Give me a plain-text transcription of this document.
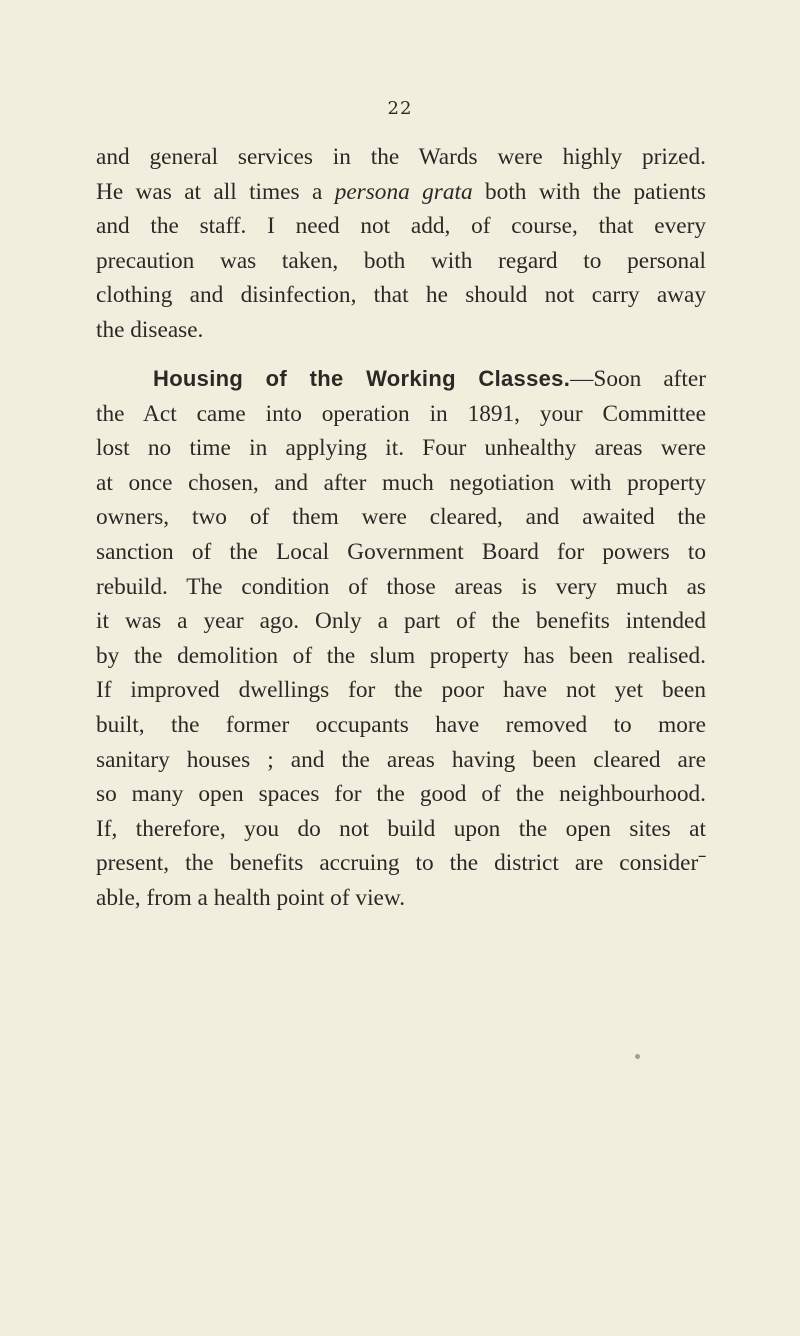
22
and general services in the Wards were highly prized.
He was at all times a persona grata both with the patients
and the staff. I need not add, of course, that every
precaution was taken, both with regard to personal
clothing and disinfection, that he should not carry away
the disease.
Housing of the Working Classes.—Soon after
the Act came into operation in 1891, your Committee
lost no time in applying it. Four unhealthy areas were
at once chosen, and after much negotiation with property
owners, two of them were cleared, and awaited the
sanction of the Local Government Board for powers to
rebuild. The condition of those areas is very much as
it was a year ago. Only a part of the benefits intended
by the demolition of the slum property has been realised.
If improved dwellings for the poor have not yet been
built, the former occupants have removed to more
sanitary houses ; and the areas having been cleared are
so many open spaces for the good of the neighbourhood.
If, therefore, you do not build upon the open sites at
present, the benefits accruing to the district are considerˉ
able, from a health point of view.
